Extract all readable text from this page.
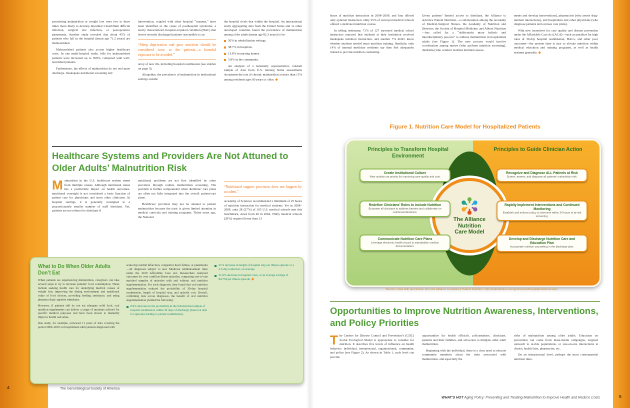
preexisting malnutrition or weight loss were two to three times more likely to develop intestinal Clostridium difficile infection, surgical site infection, or postoperative pneumonia. Another study revealed that about 45% of patients who fall in the hospital (mean age 71.2 years) are malnourished.

Malnourished patients also accrue higher healthcare costs. In one multi-hospital study, bills for malnourished patients were increased up to 309%, compared with well-nourished patients.

Furthermore, the effects of malnutrition do not end upon discharge. Inadequate nutritional screening and

intervention, coupled with other hospital “traumas,” have been identified as the cause of posthospital syndrome, a newly characterized, hospital-acquired condition (HAC) that leaves recently discharged patients susceptible to an

“Sleep deprivation and poor nutrition should be considered toxic to the patients—a harmful exposure to be avoided.”

array of new ills, including hospital readmission (see sidebar on page 3).

Altogether, the prevalence of malnutrition in institutional settings outside

the hospital rivals that within the hospital. An international study aggregating data from the United States and 11 other developed countries found the prevalence of malnutrition among older adults (mean age 82.3 years) to be:

50% in rehabilitation settings.
38.7% in hospitals.
13.8% in nursing homes.
5.8% in the community.

An analysis of a nationally representative, random sample of data from U.S. nursing home assessments documents the rate of chronic malnutrition at more than 15% among residents ages 60 years or older. ◆

Healthcare Systems and Providers Are Not Attuned to Older Adults’ Malnutrition Risk

Malnutrition in the U.S. healthcare system stems from multiple causes. Although nutritional status has a predictable impact on health outcomes, nutritional oversight is not considered a basic function of patient care for physicians and most other clinicians. In hospital settings, it is generally consigned to a proportionately smaller number of staff dietitians. Yet, patients are not referred to dietitians if

nutritional problems are not first identified by other providers through routine malnutrition screening. The problem is further compounded when dietitians’ care plans are often not fully integrated into the overall patient-care plans.

Healthcare providers may not be attuned to patient malnutrition because the topic is given limited attention in medical curricula and training programs. Thirty years ago, the National

“Nutritional support provision does not happen by accident.”

Academy of Sciences recommended a minimum of 25 hours of nutrition instruction for medical students. Yet in 2008–2009, only 28 (27%) of 105 U.S. medical schools met this benchmark, down from 40 in 2004. Thirty medical schools (29%) required fewer than 13

What to Do When Older Adults Don’t Eat

When patients are experiencing malnutrition, caregivers can take several steps to try to increase patients’ food consumption. These include seeking health care for underlying medical causes of weight loss, improving the dining environment and nutritional value of food choices, providing feeding assistance, and using pharmacologic appetite stimulants.

However, if patients still do not eat adequate solid food, oral nutrition supplements can deliver a range of nutrients tailored for specific medical purposes and have been shown to markedly improve health outcomes.

One study, for example, reviewed 11 years of data covering the period 2000–2010 on hospitalized adult patients diagnosed with

acute myocardial infarction, congestive heart failure, or pneumonia—all diagnoses subject to new Medicare reimbursement rules under the 2010 Affordable Care Act. Researchers analyzed outcomes for over a million illness episodes, comparing one-to-one matched samples of episodes with and without oral nutrition supplementation. For each diagnosis, they found that oral nutrition supplementation reduced the probability of 30-day hospital readmission, length of hospital stay, and episode cost. Overall, combining data across diagnoses, the benefit of oral nutrition supplementation yielded the following:

6.9% decrease in the probability in the full-matched sample of hospital readmission within 30 days of discharge (based on data for episodes leading to patient readmission).
21% decrease in length of hospital stay per illness episode or a 2.3-day reduction, on average.
21.6% decrease in hospital costs, or an average savings of $4,734 per illness episode. ◆
4	The Gerontological Society of America

hours of nutrition instruction in 2008–2009, and four offered only optional instruction. Only 25% of surveyed medical schools offered a dedicated nutrition course.

In telling testimony, 71% of 127 surveyed medical school instructors reported that students at their institution received inadequate nutrition instruction, and another 7% didn’t know whether students needed more nutrition training. Similarly, only 14% of internal medicine residents say they feel adequately trained to provide nutrition counseling.

Given patients’ limited access to dietitians, the Alliance to Advance Patient Nutrition—a collaboration among the Academy of Medical-Surgical Nurses, the Academy of Nutrition and Dietetics, the Society of Hospital Medicine, and Abbott Nutrition—has called for a “deliberately more holistic and interdisciplinary process” to address malnutrition in hospitalized adults (see Figure 1). The new process would involve coordination among nurses (who perform nutrition screening), dietitians (who conduct detailed nutrition assess-

ments and develop interventions), pharmacists (who assess drug-nutrient interactions), and hospitalists and other physicians (who diagnose patients and oversee care plans).

With new incentives for care quality and disease prevention under the Affordable Care Act (ACA)—such as penalties for high rates of 30-day hospital readmission, HACs, and other poor outcomes—the present time is ripe to elevate nutrition within medical education and training programs, as well as health systems generally. ◆

Figure 1. Nutrition Care Model for Hospitalized Patients
Principles to Transform Hospital Environment
Principles to Guide Clinician Action
Create Institutional Culture
View nutrition as priority for improving care quality and cost.
Redefine Clinicians’ Roles to Include Nutrition
Empower all clinicians to address barriers and collaborate on nutritional decisions.
Communicate Nutrition Care Plans
Leverage electronic health record to standardize nutrition documentation.
Recognize and Diagnose ALL Patients at Risk
Screen, assess, and diagnose all patients’ malnutrition risk.
Rapidly Implement Interventions and Continued Monitoring
Establish and enforce policy to intervene within 24 hours of at-risk screening.
Develop and Discharge Nutrition Care and Education Plan
Incorporate nutrition counseling in the discharge plan.
The Alliance
Nutrition
Care Model
Source: Used with permission from the Alliance to Advance Patient Nutrition. http://malnutrition.com/getinvolved/hospitalnutritionmodel
Opportunities to Improve Nutrition Awareness, Interventions, and Policy Priorities

The Centers for Disease Control and Prevention’s (CDC) Social Ecological Model is appropriate to consider for nutrition. It describes five levels of influence on health behavior: individual, interpersonal, organizational, community, and policy (see Figure 2). As shown in Table 1, each level can provide

opportunities for health officials, policymakers, clinicians, patients and their families, and advocates to mitigate older adult malnutrition.

Beginning with the individual, there is a clear need to educate community members about the risks associated with malnutrition, and especially the

risks of malnutrition among older adults. Education on prevention can come from mass-media campaigns, targeted outreach to at-risk populations, or one-on-one interactions at clinics, health fairs, pharmacies, etc.

On an interpersonal level, perhaps the most consequential nutrition inter-

WHAT’S HOT Aging Policy: Preventing and Treating Malnutrition to Improve Health and Reduce Costs 5
